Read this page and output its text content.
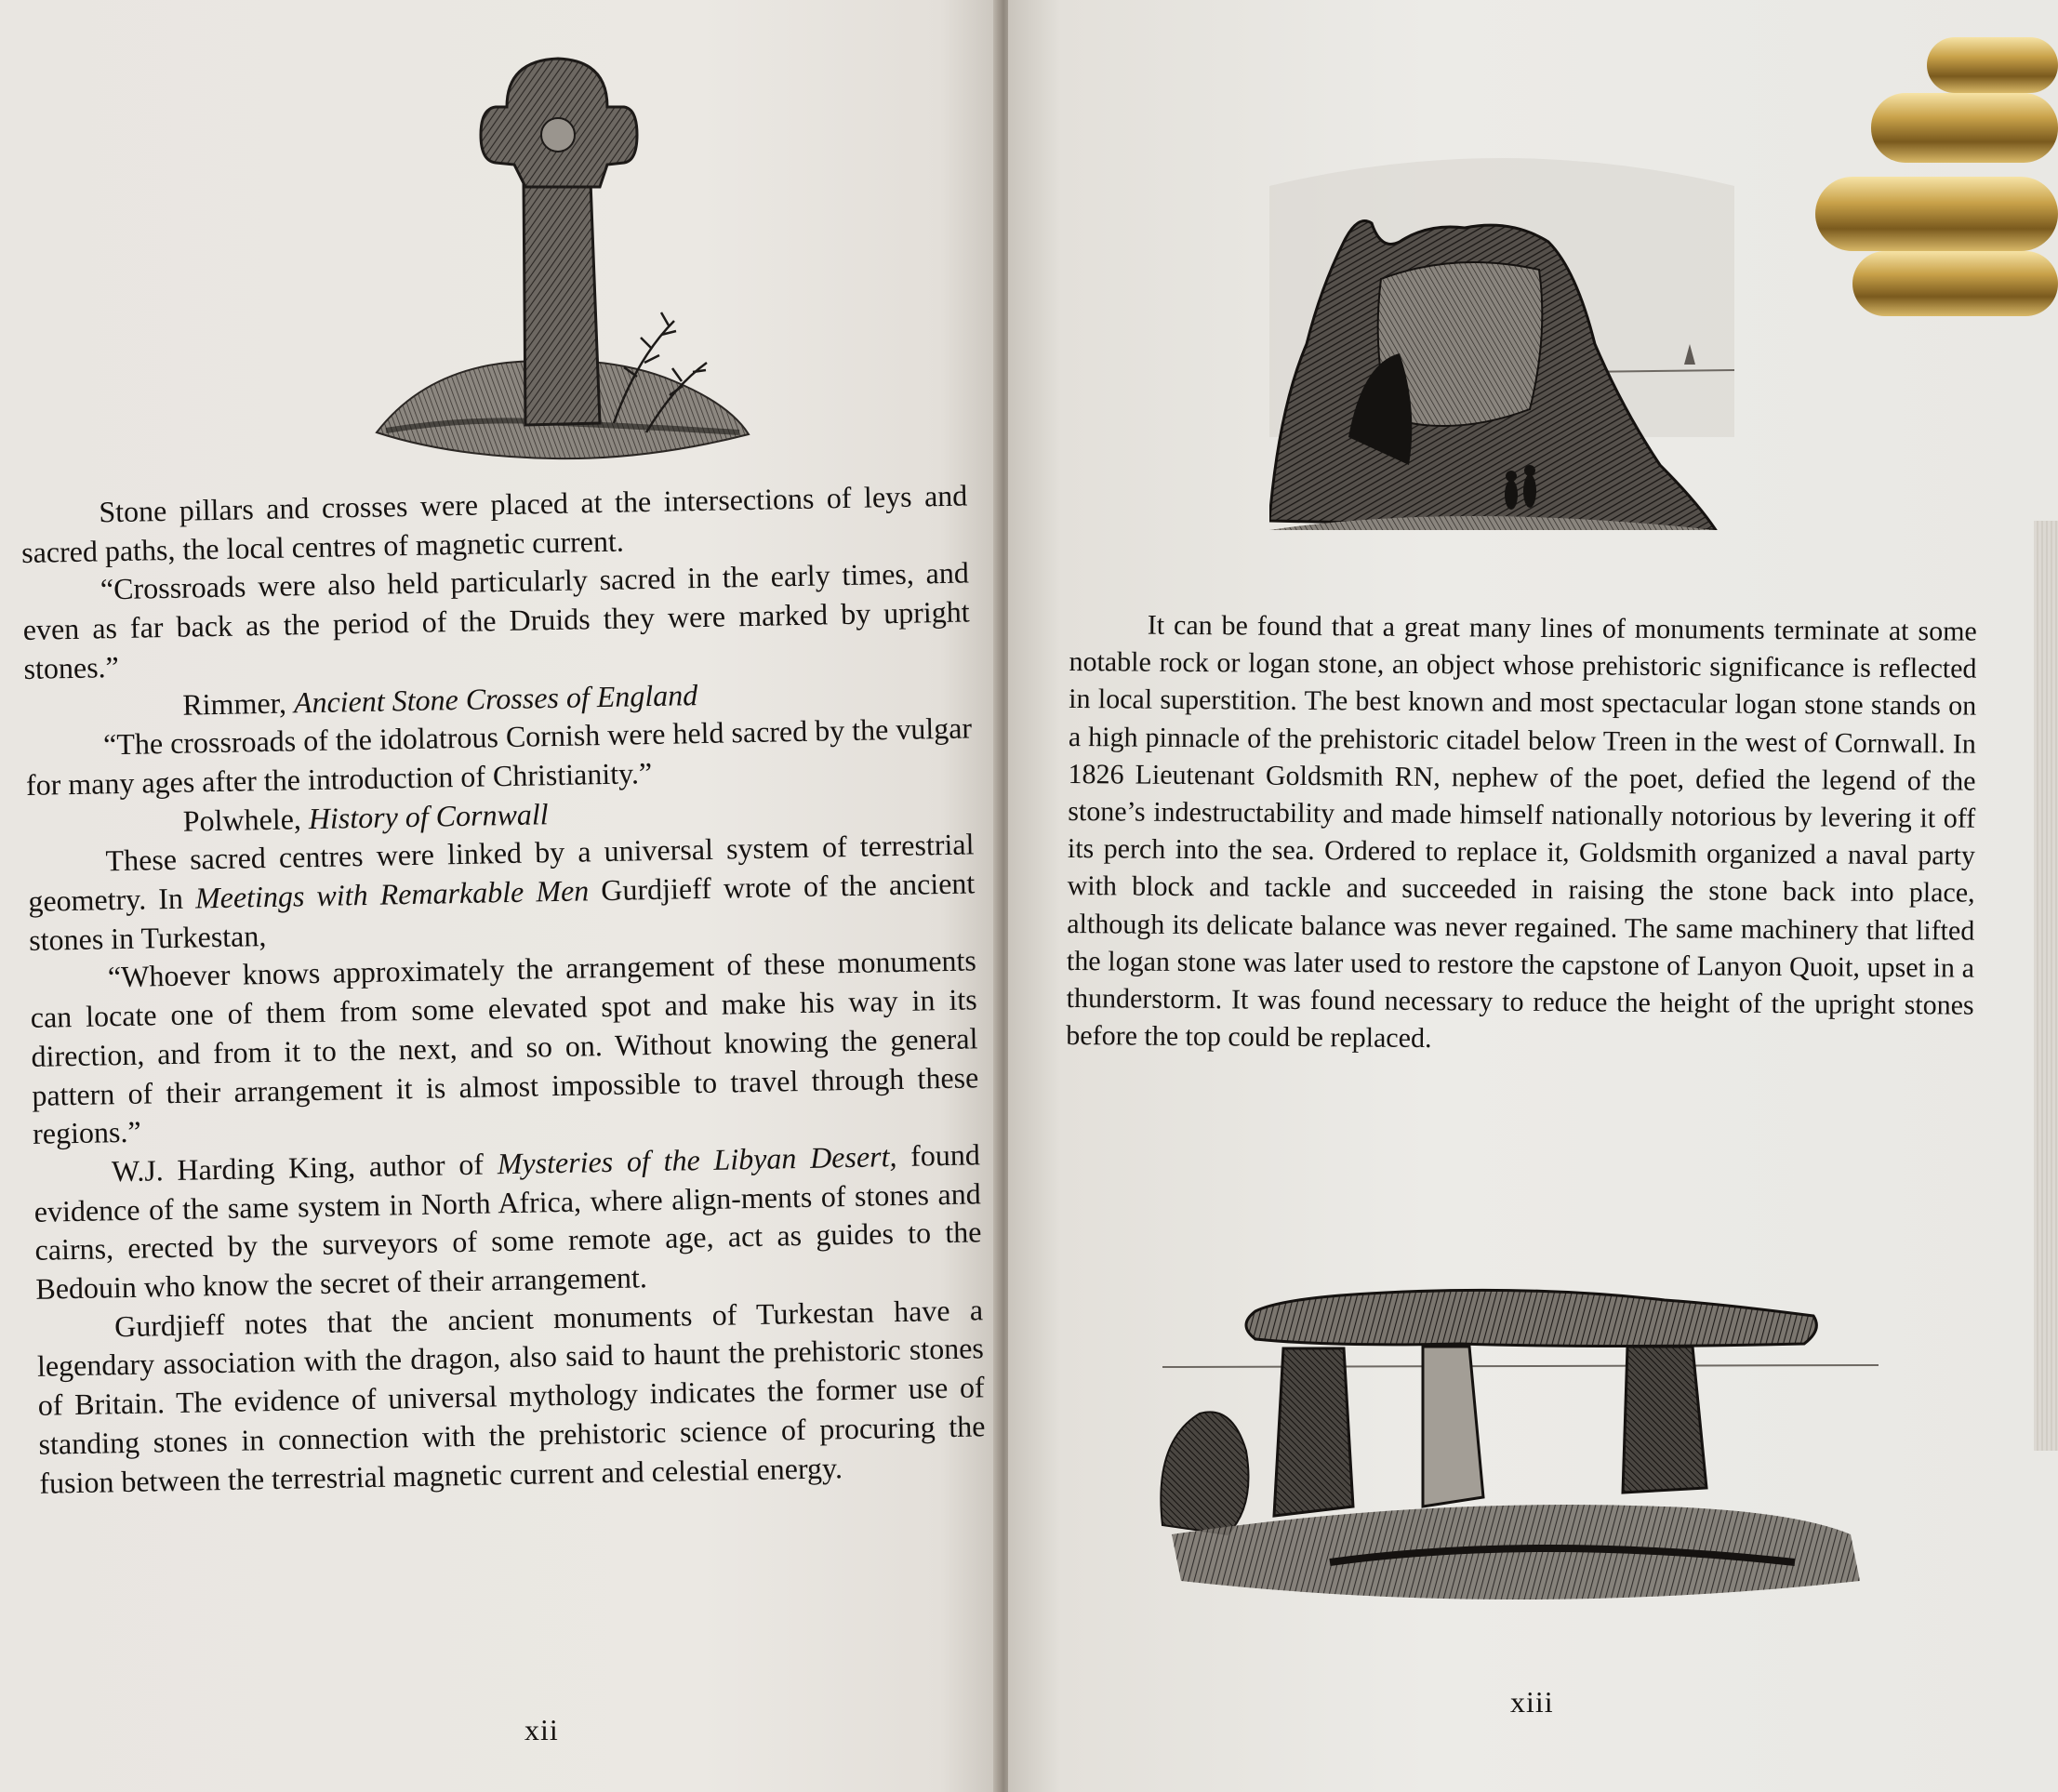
Stone pillars and crosses were placed at the intersections of leys and sacred paths, the local centres of magnetic current.

“Crossroads were also held particularly sacred in the early times, and even as far back as the period of the Druids they were marked by upright stones.”

Rimmer, Ancient Stone Crosses of England

“The crossroads of the idolatrous Cornish were held sacred by the vulgar for many ages after the introduction of Christianity.”

Polwhele, History of Cornwall

These sacred centres were linked by a universal system of terrestrial geometry. In Meetings with Remarkable Men Gurdjieff wrote of the ancient stones in Turkestan,

“Whoever knows approximately the arrangement of these monuments can locate one of them from some elevated spot and make his way in its direction, and from it to the next, and so on. Without knowing the general pattern of their arrangement it is almost impossible to travel through these regions.”

W.J. Harding King, author of Mysteries of the Libyan Desert, found evidence of the same system in North Africa, where align-ments of stones and cairns, erected by the surveyors of some remote age, act as guides to the Bedouin who know the secret of their arrangement.

Gurdjieff notes that the ancient monuments of Turkestan have a legendary association with the dragon, also said to haunt the prehistoric stones of Britain. The evidence of universal mythology indicates the former use of standing stones in connection with the prehistoric science of procuring the fusion between the terrestrial magnetic current and celestial energy.

xii

It can be found that a great many lines of monuments terminate at some notable rock or logan stone, an object whose prehistoric significance is reflected in local superstition. The best known and most spectacular logan stone stands on a high pinnacle of the prehistoric citadel below Treen in the west of Cornwall. In 1826 Lieutenant Goldsmith RN, nephew of the poet, defied the legend of the stone’s indestructability and made himself nationally notorious by levering it off its perch into the sea. Ordered to replace it, Goldsmith organized a naval party with block and tackle and succeeded in raising the stone back into place, although its delicate balance was never regained. The same machinery that lifted the logan stone was later used to restore the capstone of Lanyon Quoit, upset in a thunderstorm. It was found necessary to reduce the height of the upright stones before the top could be replaced.

xiii
